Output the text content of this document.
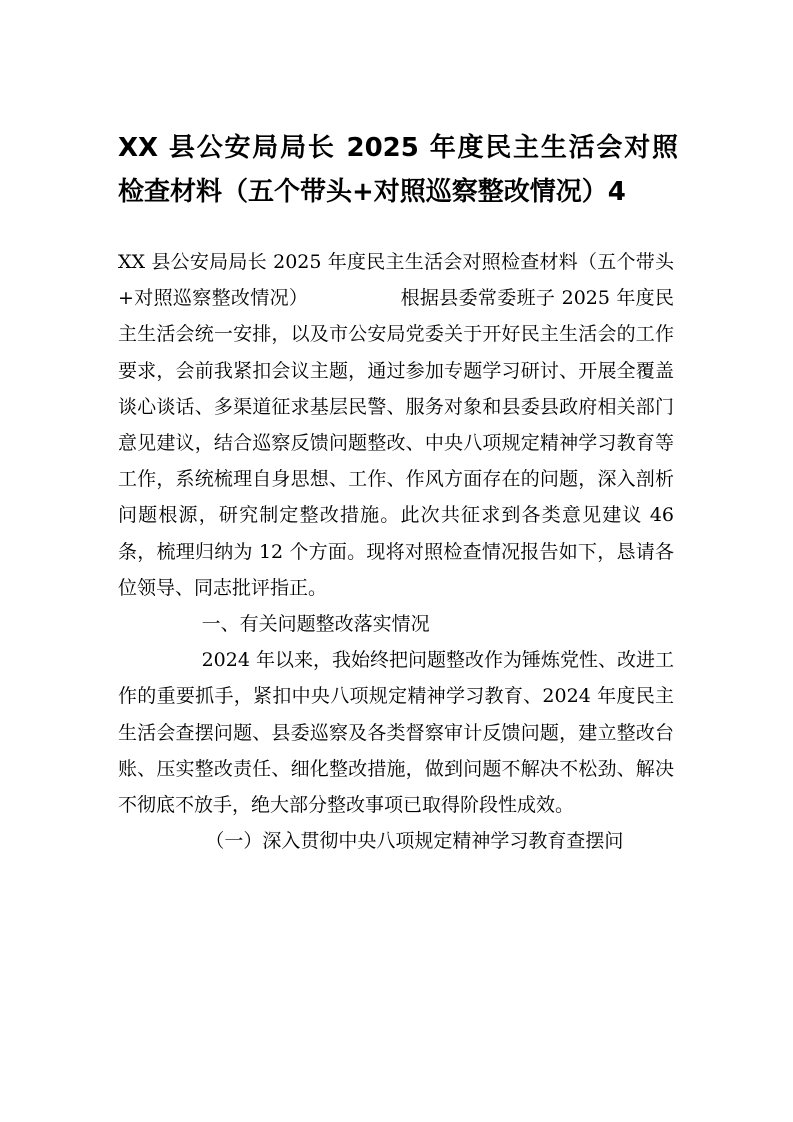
XX 县公安局局长 2025 年度民主生活会对照
检查材料（五个带头+对照巡察整改情况）4

XX 县公安局局长 2025 年度民主生活会对照检查材料（五个带头+对照巡察整改情况）	根据县委常委班子 2025 年度民主生活会统一安排，以及市公安局党委关于开好民主生活会的工作要求，会前我紧扣会议主题，通过参加专题学习研讨、开展全覆盖谈心谈话、多渠道征求基层民警、服务对象和县委县政府相关部门意见建议，结合巡察反馈问题整改、中央八项规定精神学习教育等工作，系统梳理自身思想、工作、作风方面存在的问题，深入剖析问题根源，研究制定整改措施。此次共征求到各类意见建议 46 条，梳理归纳为 12 个方面。现将对照检查情况报告如下，恳请各位领导、同志批评指正。

一、有关问题整改落实情况

2024 年以来，我始终把问题整改作为锤炼党性、改进工作的重要抓手，紧扣中央八项规定精神学习教育、2024 年度民主生活会查摆问题、县委巡察及各类督察审计反馈问题，建立整改台账、压实整改责任、细化整改措施，做到问题不解决不松劲、解决不彻底不放手，绝大部分整改事项已取得阶段性成效。

（一）深入贯彻中央八项规定精神学习教育查摆问
